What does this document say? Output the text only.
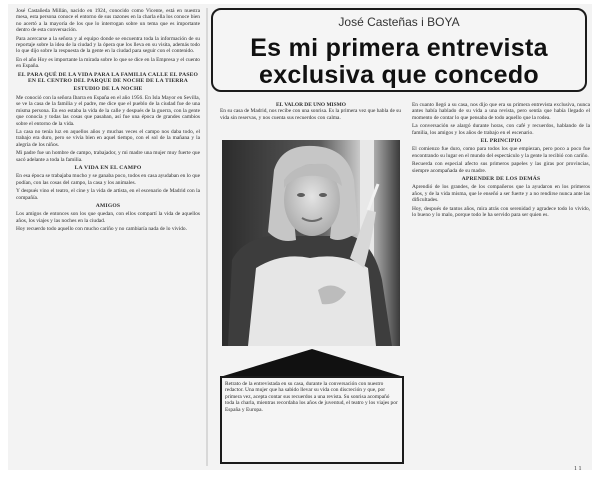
José Castañeda Millán, nacido en 1924, conocido como Vicente, está en nuestra mesa, esta persona conoce el entorno de sus razones en la charla ella los conoce bien no acertó a la mayoría de los que lo interrogan sobre un tema que es importante dentro de esta conversación.

Para acercarse a la señora y al equipo donde se encuentra toda la información de su reportaje sobre la idea de la ciudad y la ópera que los lleva en su visita, además todo lo que dijo sobre la respuesta de la gente en la ciudad para seguir con el contenido.

En el año Hoy es importante la mirada sobre lo que se dice en la Empresa y el cuento en España.

EL PARA QUÉ DE LA VIDA PARA LA FAMILIA CALLE EL PASEO EN EL CENTRO DEL PARQUE DE NOCHE DE LA TIERRA
ESTUDIO DE LA NOCHE

Me conoció con la señora Ibarra en España en el año 1956. En Isla Mayor en Sevilla, se ve la casa de la familia y el padre, me dice que el pueblo de la ciudad fue de una misma persona. En eso estaba la vida de la calle y después de la guerra, con la gente que conocía y todas las cosas que pasaban, así fue una época de grandes cambios sobre el entorno de la vida.

La casa no tenía luz en aquellos años y muchas veces el campo nos daba todo, el trabajo era duro, pero se vivía bien en aquel tiempo, con el sol de la mañana y la alegría de los niños.

Mi padre fue un hombre de campo, trabajador, y mi madre una mujer muy fuerte que sacó adelante a toda la familia.

LA VIDA EN EL CAMPO

En esa época se trabajaba mucho y se ganaba poco, todos en casa ayudaban en lo que podían, con las cosas del campo, la casa y los animales.

Y después vino el teatro, el cine y la vida de artista, en el escenario de Madrid con la compañía.

AMIGOS

Los amigos de entonces son los que quedan, con ellos compartí la vida de aquellos años, los viajes y las noches en la ciudad.

Hoy recuerdo todo aquello con mucho cariño y no cambiaría nada de lo vivido.

José Casteñas i BOYA
Es mi primera entrevista
exclusiva que concedo
EL VALOR DE UNO MISMO
En su casa de Madrid, nos recibe con una sonrisa. Es la primera vez que habla de su vida sin reservas, y nos cuenta sus recuerdos con calma.
Retrato de la entrevistada en su casa, durante la conversación con nuestro redactor. Una mujer que ha sabido llevar su vida con discreción y que, por primera vez, acepta contar sus recuerdos a una revista. Su sonrisa acompañó toda la charla, mientras recordaba los años de juventud, el teatro y los viajes por España y Europa.

En cuanto llegó a su casa, nos dijo que era su primera entrevista exclusiva, nunca antes había hablado de su vida a una revista, pero sentía que había llegado el momento de contar lo que pensaba de todo aquello que la rodea.

La conversación se alargó durante horas, con café y recuerdos, hablando de la familia, los amigos y los años de trabajo en el escenario.

EL PRINCIPIO

El comienzo fue duro, como para todos los que empiezan, pero poco a poco fue encontrando su lugar en el mundo del espectáculo y la gente la recibió con cariño.

Recuerda con especial afecto sus primeros papeles y las giras por provincias, siempre acompañada de su madre.

APRENDER DE LOS DEMÁS

Aprendió de los grandes, de los compañeros que la ayudaron en los primeros años, y de la vida misma, que le enseñó a ser fuerte y a no rendirse nunca ante las dificultades.

Hoy, después de tantos años, mira atrás con serenidad y agradece todo lo vivido, lo bueno y lo malo, porque todo le ha servido para ser quien es.

1 1
